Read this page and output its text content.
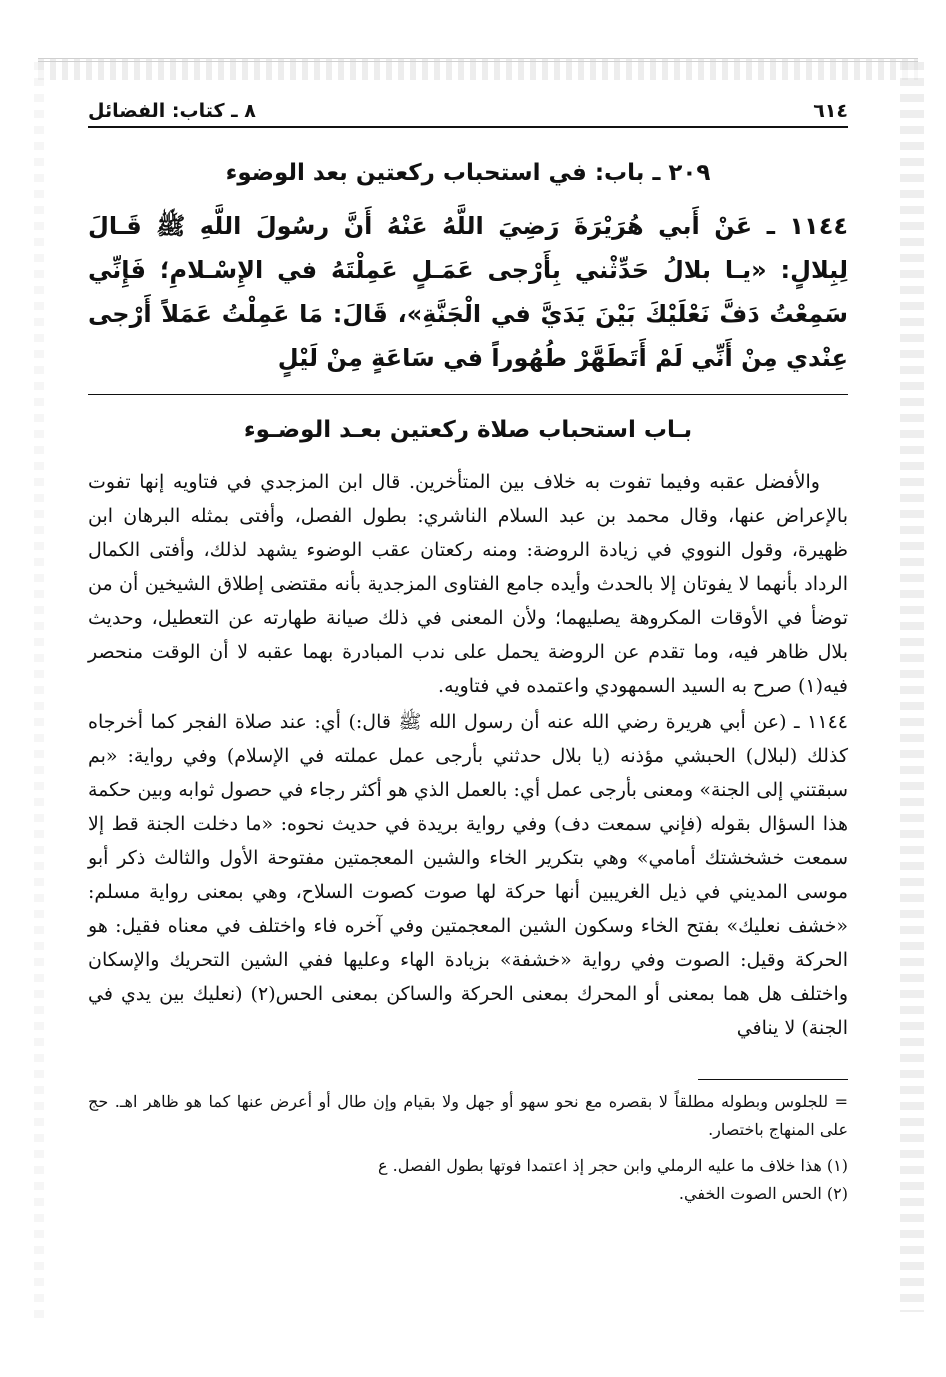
٦١٤
٨ ـ كتاب: الفضائل
٢٠٩ ـ باب: في استحباب ركعتين بعد الوضوء
١١٤٤ ـ عَنْ أَبي هُرَيْرَةَ رَضِيَ اللَّهُ عَنْهُ أَنَّ رسُولَ اللَّهِ ﷺ قَـالَ لِبِلالٍ: «يـا بلالُ حَدِّثْني بِأَرْجى عَمَـلٍ عَمِلْتَهُ في الإِسْـلامِ؛ فَإِنِّي سَمِعْتُ دَفَّ نَعْلَيْكَ بَيْنَ يَدَيَّ في الْجَنَّةِ»، قَالَ: مَا عَمِلْتُ عَمَلاً أَرْجى عِنْدي مِنْ أَنِّي لَمْ أَتَطَهَّرْ طُهُوراً في سَاعَةٍ مِنْ لَيْلٍ
بـاب استحباب صلاة ركعتين بعـد الوضـوء

والأفضل عقبه وفيما تفوت به خلاف بين المتأخرين. قال ابن المزجدي في فتاويه إنها تفوت بالإعراض عنها، وقال محمد بن عبد السلام الناشري: بطول الفصل، وأفتى بمثله البرهان ابن ظهيرة، وقول النووي في زيادة الروضة: ومنه ركعتان عقب الوضوء يشهد لذلك، وأفتى الكمال الرداد بأنهما لا يفوتان إلا بالحدث وأيده جامع الفتاوى المزجدية بأنه مقتضى إطلاق الشيخين أن من توضأ في الأوقات المكروهة يصليهما؛ ولأن المعنى في ذلك صيانة طهارته عن التعطيل، وحديث بلال ظاهر فيه، وما تقدم عن الروضة يحمل على ندب المبادرة بهما عقبه لا أن الوقت منحصر فيه(١) صرح به السيد السمهودي واعتمده في فتاويه.

١١٤٤ ـ (عن أبي هريرة رضي الله عنه أن رسول الله ﷺ قال:) أي: عند صلاة الفجر كما أخرجاه كذلك (لبلال) الحبشي مؤذنه (يا بلال حدثني بأرجى عمل عملته في الإسلام) وفي رواية: «بم سبقتني إلى الجنة» ومعنى بأرجى عمل أي: بالعمل الذي هو أكثر رجاء في حصول ثوابه وبين حكمة هذا السؤال بقوله (فإني سمعت دف) وفي رواية بريدة في حديث نحوه: «ما دخلت الجنة قط إلا سمعت خشخشتك أمامي» وهي بتكرير الخاء والشين المعجمتين مفتوحة الأول والثالث ذكر أبو موسى المديني في ذيل الغريبين أنها حركة لها صوت كصوت السلاح، وهي بمعنى رواية مسلم: «خشف نعليك» بفتح الخاء وسكون الشين المعجمتين وفي آخره فاء واختلف في معناه فقيل: هو الحركة وقيل: الصوت وفي رواية «خشفة» بزيادة الهاء وعليها ففي الشين التحريك والإسكان واختلف هل هما بمعنى أو المحرك بمعنى الحركة والساكن بمعنى الحس(٢) (نعليك بين يدي في الجنة) لا ينافي

= للجلوس وبطوله مطلقاً لا بقصره مع نحو سهو أو جهل ولا بقيام وإن طال أو أعرض عنها كما هو ظاهر اهـ. حج على المنهاج باختصار.
(١) هذا خلاف ما عليه الرملي وابن حجر إذ اعتمدا فوتها بطول الفصل. ع
(٢) الحس الصوت الخفي.
